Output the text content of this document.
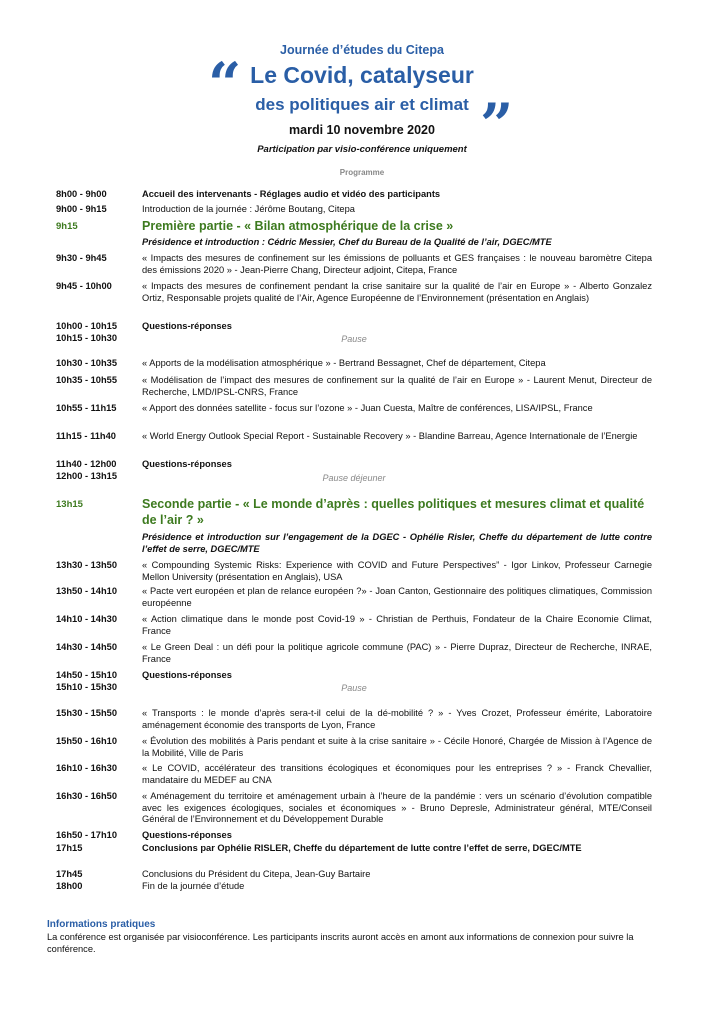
Journée d’études du Citepa
“ Le Covid, catalyseur
des politiques air et climat ”
mardi 10 novembre 2020
Participation par visio-conférence uniquement
Programme
8h00 - 9h00	Accueil des intervenants - Réglages audio et vidéo des participants
9h00 - 9h15	Introduction de la journée : Jérôme Boutang, Citepa
9h15	Première partie - « Bilan atmosphérique de la crise »
Présidence et introduction : Cédric Messier, Chef du Bureau de la Qualité de l’air, DGEC/MTE
9h30 - 9h45	« Impacts des mesures de confinement sur les émissions de polluants et GES françaises : le nouveau baromètre Citepa des émissions 2020 » - Jean-Pierre Chang, Directeur adjoint, Citepa, France
9h45 - 10h00	« Impacts des mesures de confinement pendant la crise sanitaire sur la qualité de l’air en Europe » - Alberto Gonzalez Ortiz, Responsable projets qualité de l’Air, Agence Européenne de l’Environnement (présentation en Anglais)
10h00 - 10h15	Questions-réponses
10h15 - 10h30	Pause
10h30 - 10h35	« Apports de la modélisation atmosphérique » - Bertrand Bessagnet, Chef de département, Citepa
10h35 - 10h55	« Modélisation de l’impact des mesures de confinement sur la qualité de l’air en Europe » - Laurent Menut, Directeur de Recherche, LMD/IPSL-CNRS, France
10h55 - 11h15	« Apport des données satellite - focus sur l’ozone » - Juan Cuesta, Maître de conférences, LISA/IPSL, France
11h15 - 11h40	« World Energy Outlook Special Report - Sustainable Recovery » - Blandine Barreau, Agence Internationale de l’Energie
11h40 - 12h00	Questions-réponses
12h00 - 13h15	Pause déjeuner
13h15	Seconde partie - « Le monde d’après : quelles politiques et mesures climat et qualité de l’air ? »
Présidence et introduction sur l’engagement de la DGEC - Ophélie Risler, Cheffe du département de lutte contre l’effet de serre, DGEC/MTE
13h30 - 13h50	« Compounding Systemic Risks: Experience with COVID and Future Perspectives” - Igor Linkov, Professeur Carnegie Mellon University (présentation en Anglais), USA
13h50 - 14h10	« Pacte vert européen et plan de relance européen ?» - Joan Canton, Gestionnaire des politiques climatiques, Commission européenne
14h10 - 14h30	« Action climatique dans le monde post Covid-19 » - Christian de Perthuis, Fondateur de la Chaire Economie Climat, France
14h30 - 14h50	« Le Green Deal : un défi pour la politique agricole commune (PAC) » - Pierre Dupraz, Directeur de Recherche, INRAE, France
14h50 - 15h10	Questions-réponses
15h10 - 15h30	Pause
15h30 - 15h50	« Transports : le monde d’après sera-t-il celui de la dé-mobilité ? » - Yves Crozet, Professeur émérite, Laboratoire aménagement économie des transports de Lyon, France
15h50 - 16h10	« Évolution des mobilités à Paris pendant et suite à la crise sanitaire » - Cécile Honoré, Chargée de Mission à l’Agence de la Mobilité, Ville de Paris
16h10 - 16h30	« Le COVID, accélérateur des transitions écologiques et économiques pour les entreprises ? » - Franck Chevallier, mandataire du MEDEF au CNA
16h30 - 16h50	« Aménagement du territoire et aménagement urbain à l’heure de la pandémie : vers un scénario d’évolution compatible avec les exigences écologiques, sociales et économiques » - Bruno Depresle, Administrateur général, MTE/Conseil Général de l’Environnement et du Développement Durable
16h50 - 17h10	Questions-réponses
17h15	Conclusions par Ophélie RISLER, Cheffe du département de lutte contre l’effet de serre, DGEC/MTE
17h45	Conclusions du Président du Citepa, Jean-Guy Bartaire
18h00	Fin de la journée d’étude
Informations pratiques
La conférence est organisée par visioconférence. Les participants inscrits auront accès en amont aux informations de connexion pour suivre la conférence.
